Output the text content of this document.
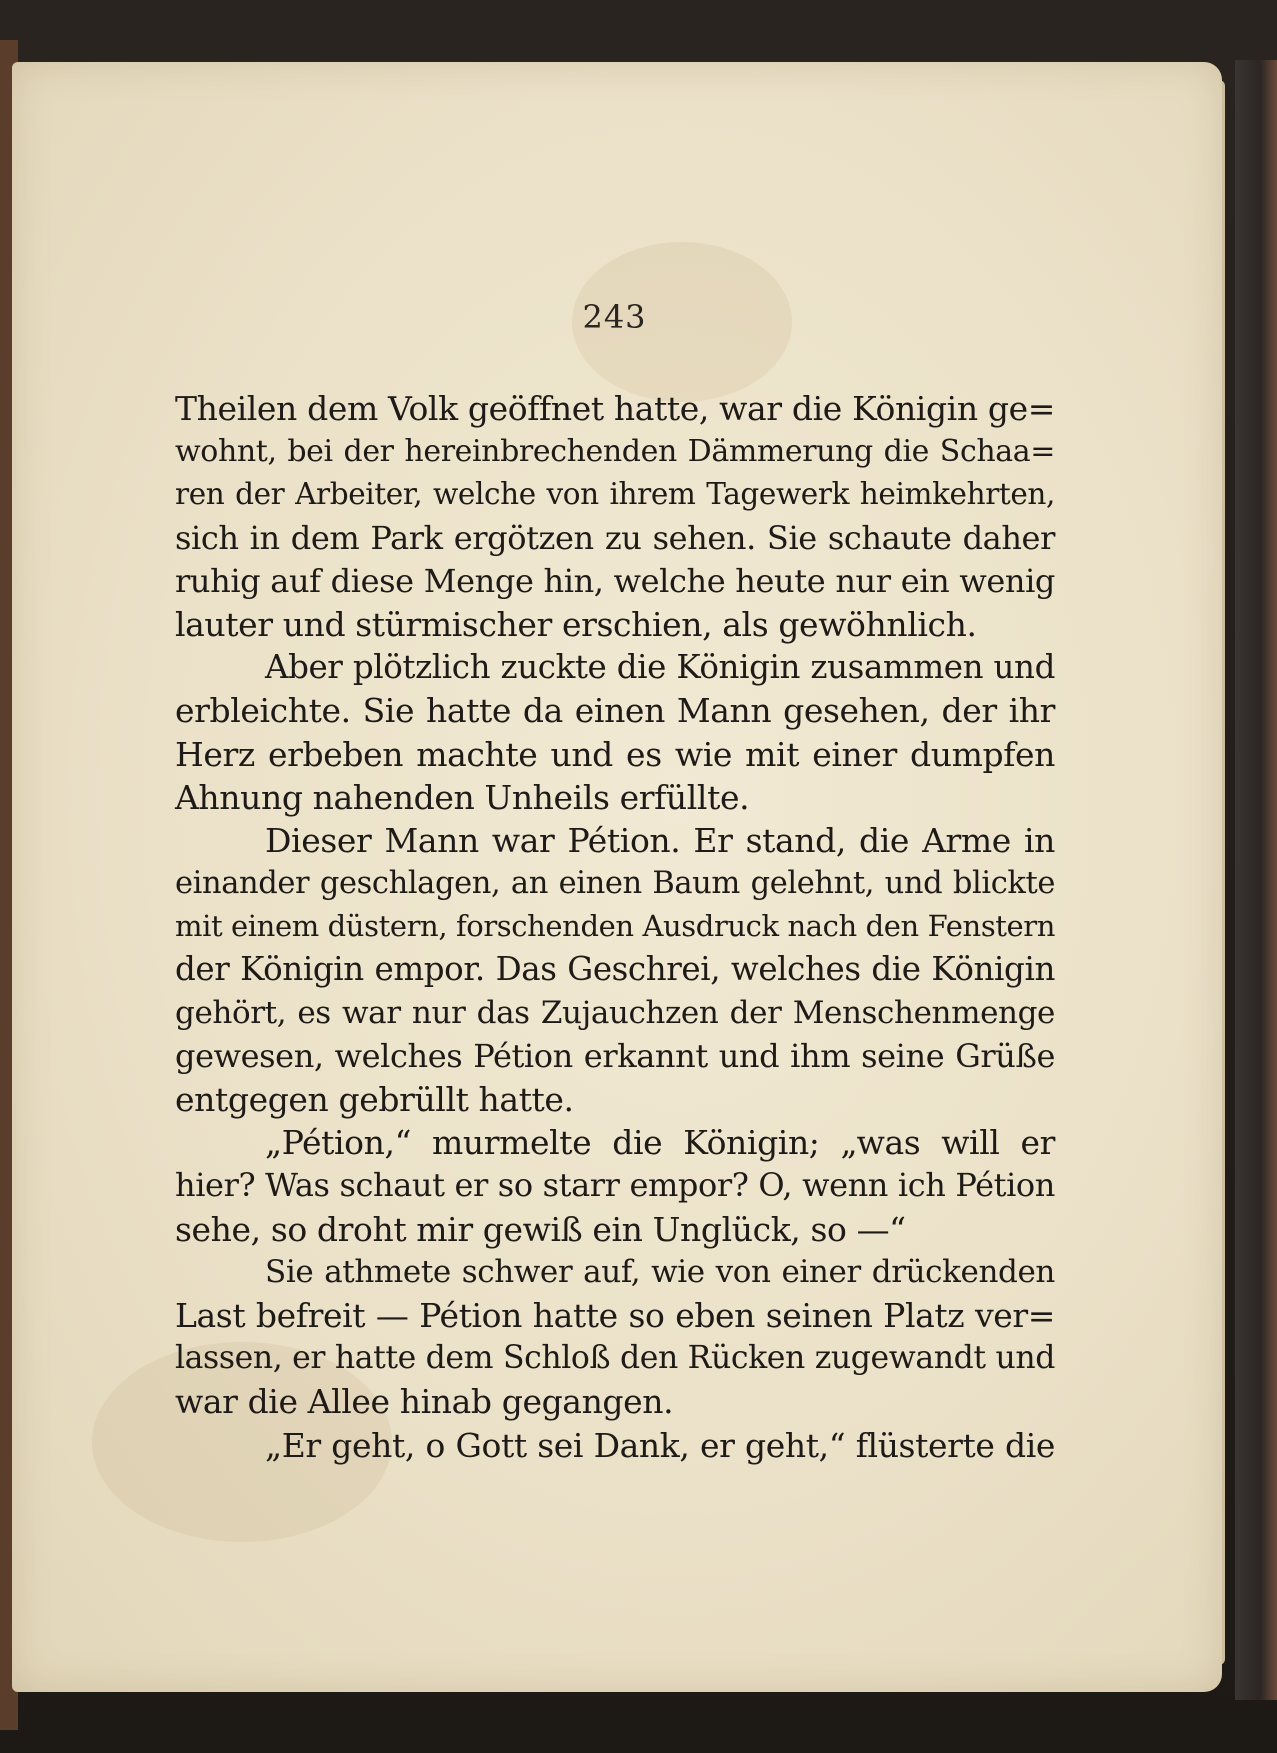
243
Theilen dem Volk geöffnet hatte, war die Königin ge=
wohnt, bei der hereinbrechenden Dämmerung die Schaa=
ren der Arbeiter, welche von ihrem Tagewerk heimkehrten,
sich in dem Park ergötzen zu sehen. Sie schaute daher
ruhig auf diese Menge hin, welche heute nur ein wenig
lauter und stürmischer erschien, als gewöhnlich.
Aber plötzlich zuckte die Königin zusammen und
erbleichte. Sie hatte da einen Mann gesehen, der ihr
Herz erbeben machte und es wie mit einer dumpfen
Ahnung nahenden Unheils erfüllte.
Dieser Mann war Pétion. Er stand, die Arme in
einander geschlagen, an einen Baum gelehnt, und blickte
mit einem düstern, forschenden Ausdruck nach den Fenstern
der Königin empor. Das Geschrei, welches die Königin
gehört, es war nur das Zujauchzen der Menschenmenge
gewesen, welches Pétion erkannt und ihm seine Grüße
entgegen gebrüllt hatte.
„Pétion,“ murmelte die Königin; „was will er
hier? Was schaut er so starr empor? O, wenn ich Pétion
sehe, so droht mir gewiß ein Unglück, so —“
Sie athmete schwer auf, wie von einer drückenden
Last befreit — Pétion hatte so eben seinen Platz ver=
lassen, er hatte dem Schloß den Rücken zugewandt und
war die Allee hinab gegangen.
„Er geht, o Gott sei Dank, er geht,“ flüsterte die
